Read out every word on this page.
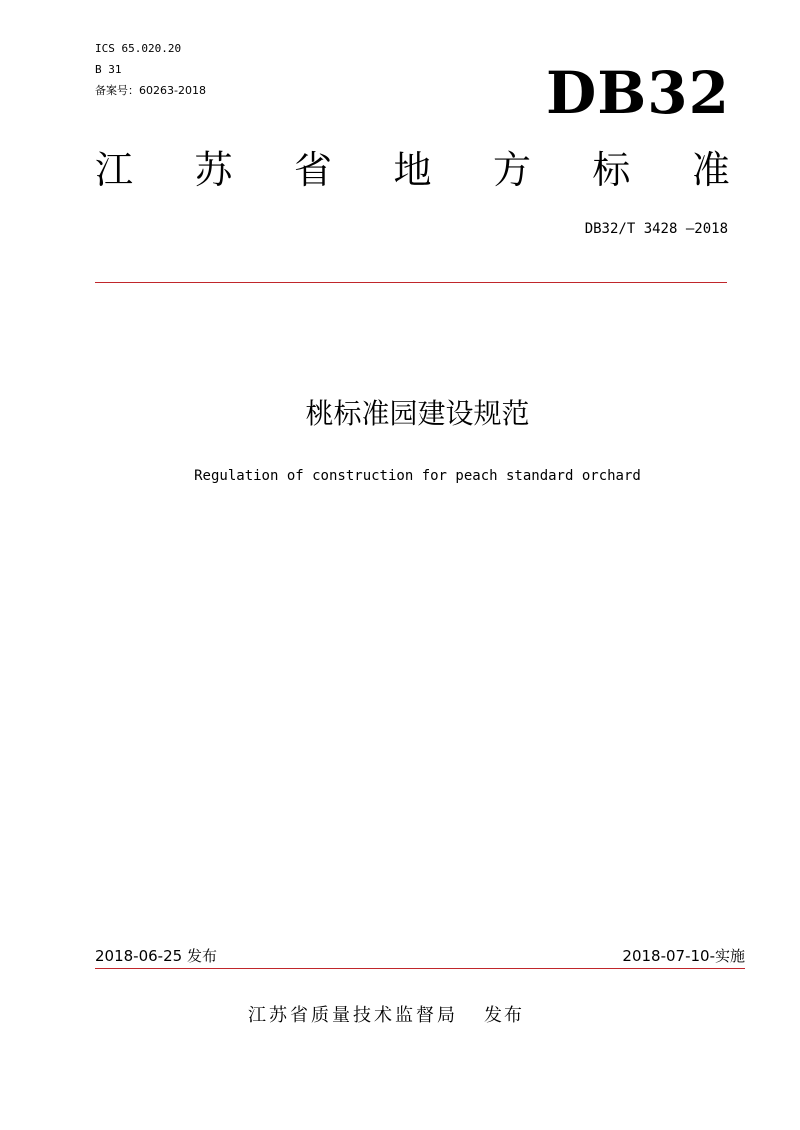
ICS 65.020.20
B 31
备案号：60263-2018	DB32
江 苏 省 地 方 标 准
DB32/T 3428 —2018
桃标准园建设规范
Regulation of construction for peach standard orchard
2018-06-25 发布	2018-07-10-实施
江苏省质量技术监督局 发布
